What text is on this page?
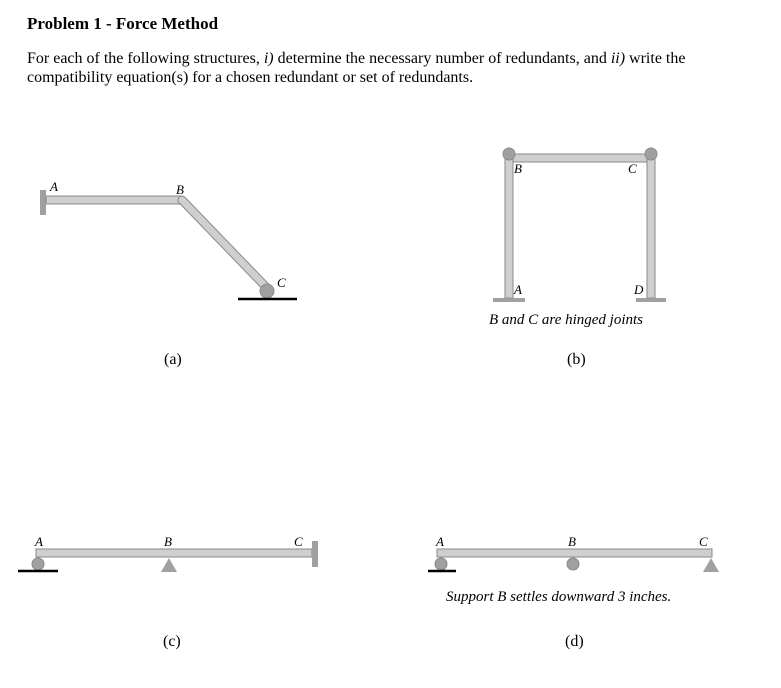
Problem 1 - Force Method
For each of the following structures, i) determine the necessary number of redundants, and ii) write the compatibility equation(s) for a chosen redundant or set of redundants.
A	B
C
(a)
B	C
A	D
B and C are hinged joints
(b)
A	B	C
(c)
A	B	C
Support B settles downward 3 inches.
(d)
